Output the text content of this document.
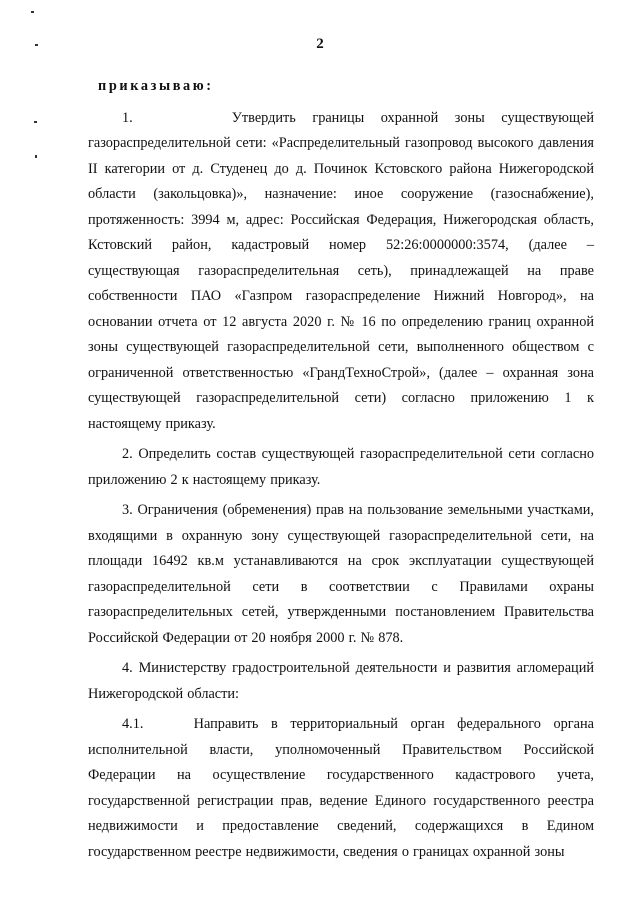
2

приказываю:

1.      Утвердить границы охранной зоны существующей газораспределительной сети: «Распределительный газопровод высокого давления II категории от д. Студенец до д. Починок Кстовского района Нижегородской области (закольцовка)», назначение: иное сооружение (газоснабжение), протяженность: 3994 м, адрес: Российская Федерация, Нижегородская область, Кстовский район, кадастровый номер 52:26:0000000:3574, (далее – существующая газораспределительная сеть), принадлежащей на праве собственности ПАО «Газпром газораспределение Нижний Новгород», на основании отчета от 12 августа 2020 г. № 16 по определению границ охранной зоны существующей газораспределительной сети, выполненного обществом с ограниченной ответственностью «ГрандТехноСтрой», (далее – охранная зона существующей газораспределительной сети) согласно приложению 1 к настоящему приказу.

2. Определить состав существующей газораспределительной сети согласно приложению 2 к настоящему приказу.

3. Ограничения (обременения) прав на пользование земельными участками, входящими в охранную зону существующей газораспределительной сети, на площади 16492 кв.м устанавливаются на срок эксплуатации существующей газораспределительной сети в соответствии с Правилами охраны газораспределительных сетей, утвержденными постановлением Правительства Российской Федерации от 20 ноября 2000 г. № 878.

4. Министерству градостроительной деятельности и развития агломераций Нижегородской области:

4.1.    Направить в территориальный орган федерального органа исполнительной власти, уполномоченный Правительством Российской Федерации на осуществление государственного кадастрового учета, государственной регистрации прав, ведение Единого государственного реестра недвижимости и предоставление сведений, содержащихся в Едином государственном реестре недвижимости, сведения о границах охранной зоны
